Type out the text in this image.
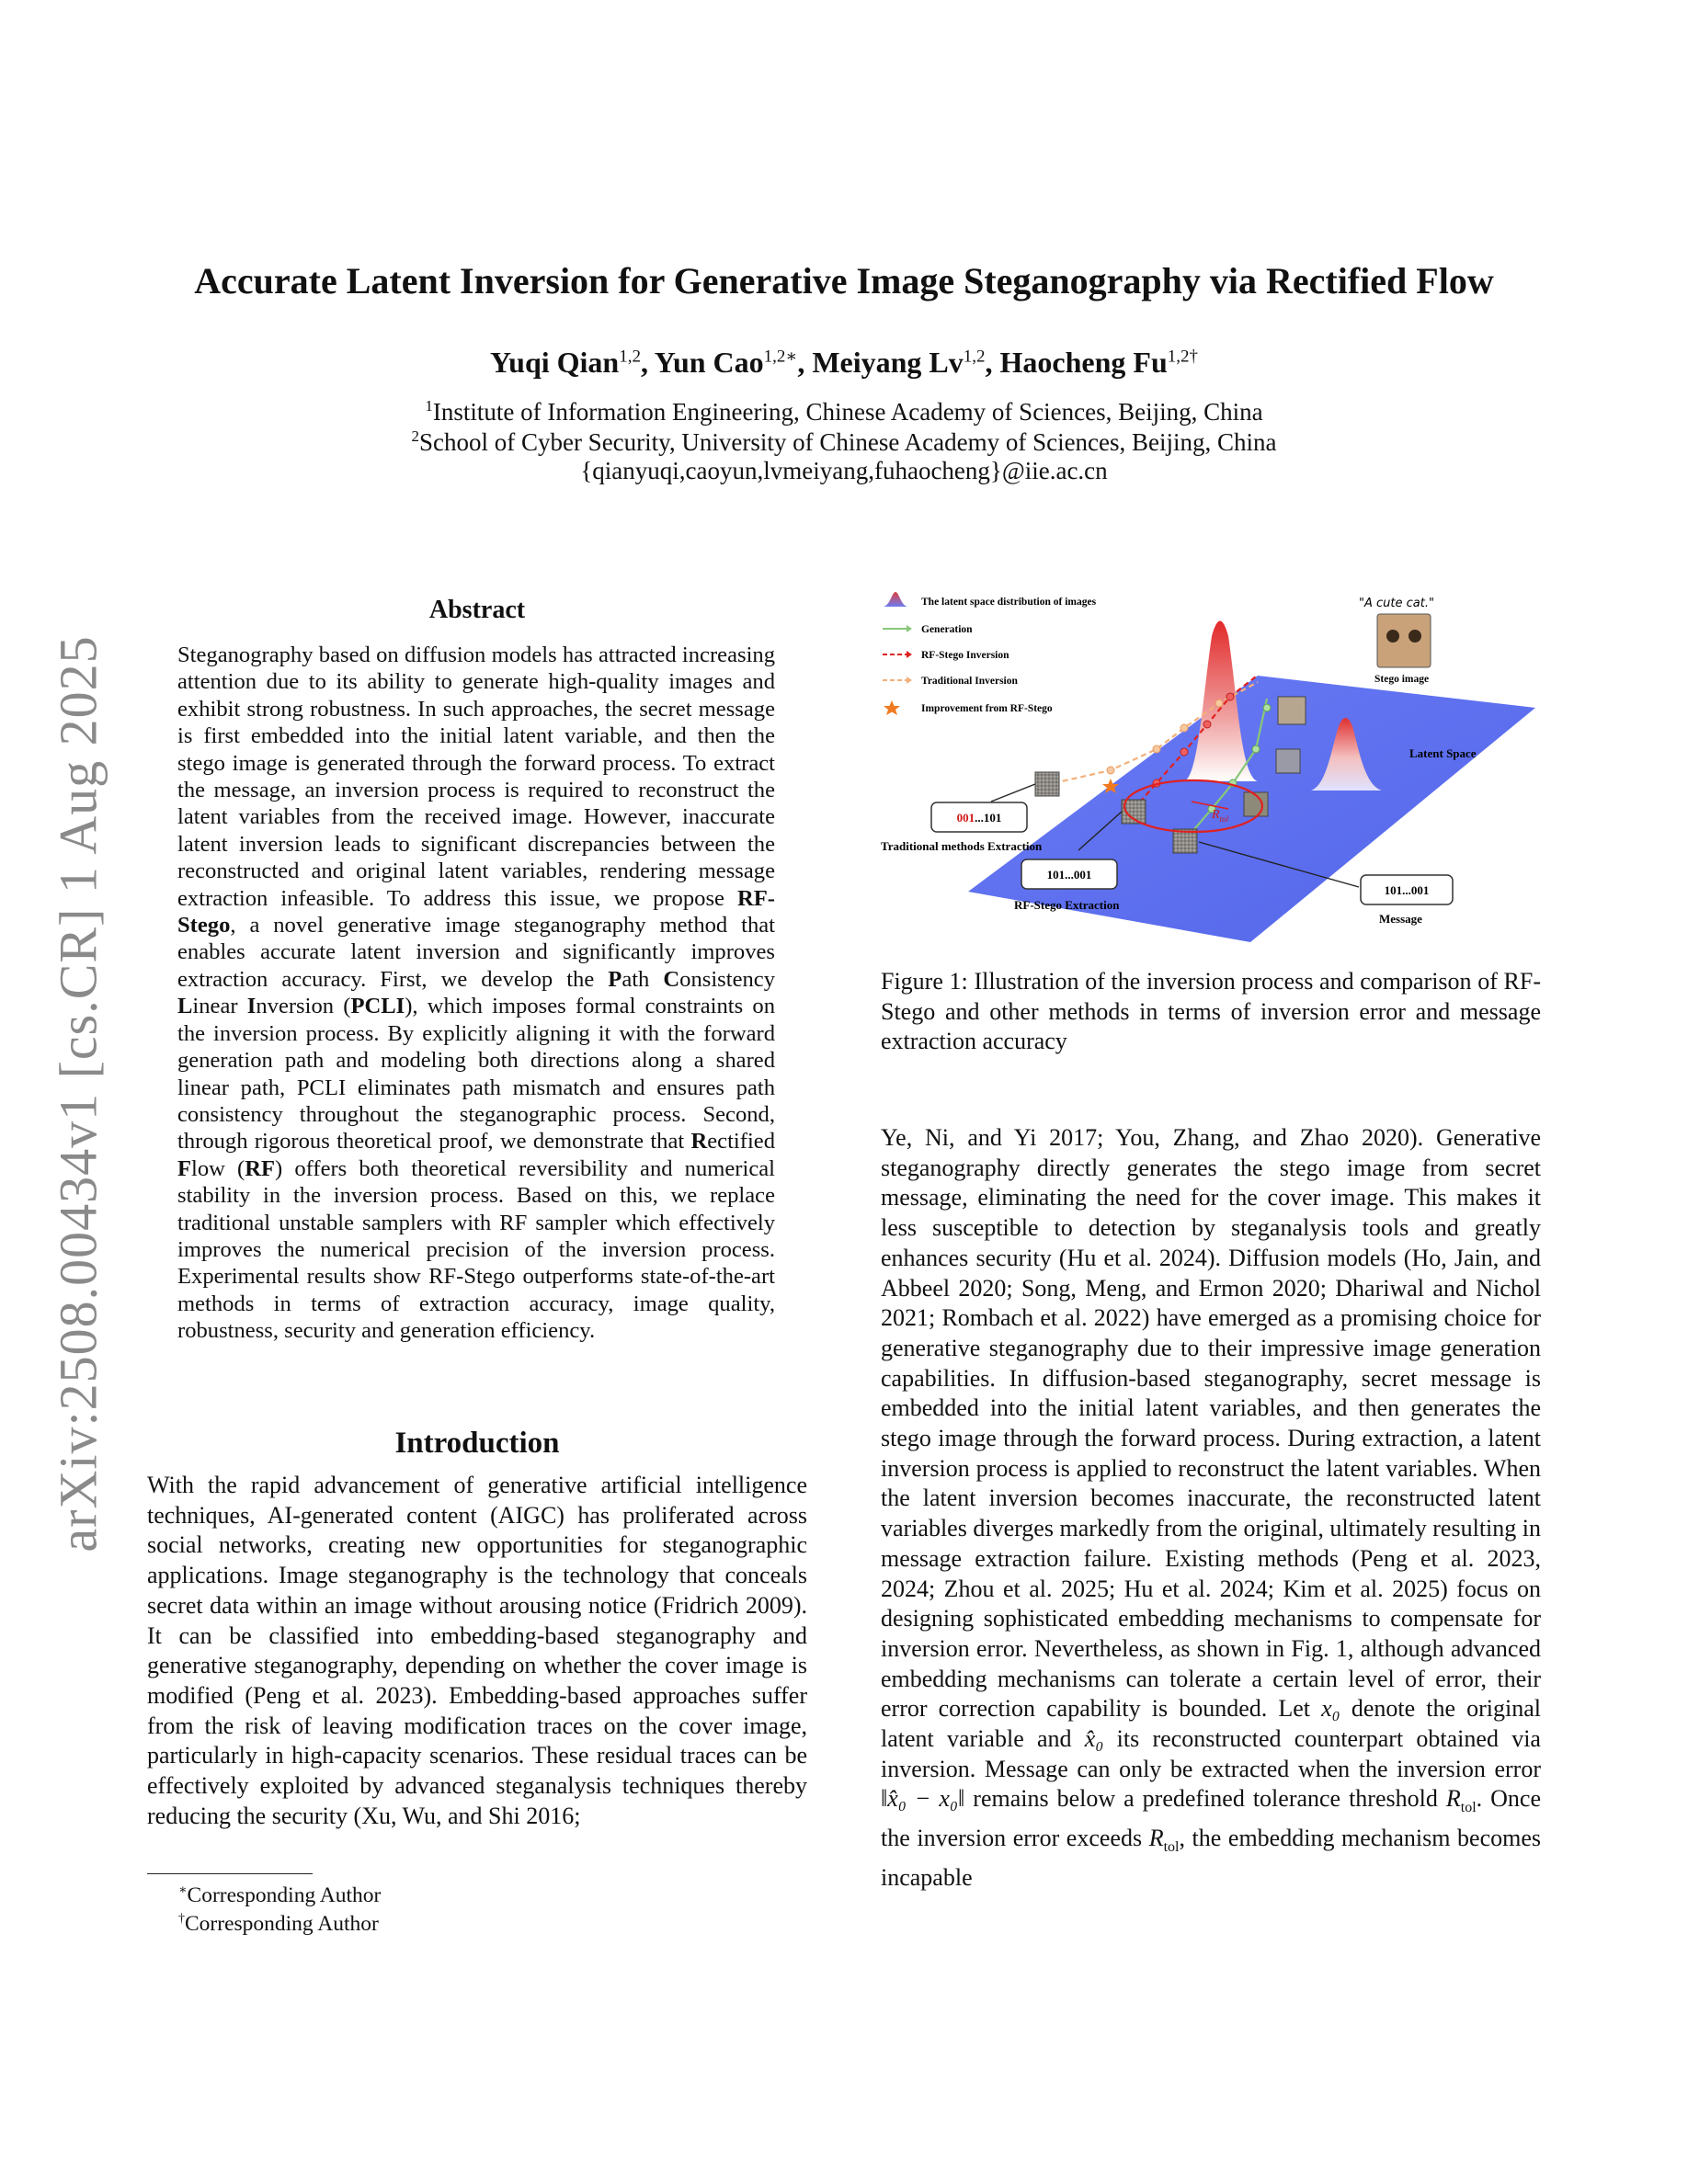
arXiv:2508.00434v1 [cs.CR] 1 Aug 2025
Accurate Latent Inversion for Generative Image Steganography via Rectified Flow
Yuqi Qian$^{1,2}$, Yun Cao$^{1,2∗}$, Meiyang Lv$^{1,2}$, Haocheng $Fu^{1,2\dagger}$
$^1$Institute of Information Engineering, Chinese Academy of Sciences, Beijing, China
$^2$School of Cyber Security, University of Chinese Academy of Sciences, Beijing, China
{qianyuqi,caoyun,lvmeiyang,fuhaocheng}@iie.ac.cn
Abstract

Steganography based on diffusion models has attracted increasing attention due to its ability to generate high-quality images and exhibit strong robustness. In such approaches, the secret message is first embedded into the initial latent variable, and then the stego image is generated through the forward process. To extract the message, an inversion process is required to reconstruct the latent variables from the received image. However, inaccurate latent inversion leads to significant discrepancies between the reconstructed and original latent variables, rendering message extraction infeasible. To address this issue, we propose RF-Stego, a novel generative image steganography method that enables accurate latent inversion and significantly improves extraction accuracy. First, we develop the Path Consistency Linear Inversion (PCLI), which imposes formal constraints on the inversion process. By explicitly aligning it with the forward generation path and modeling both directions along a shared linear path, PCLI eliminates path mismatch and ensures path consistency throughout the steganographic process. Second, through rigorous theoretical proof, we demonstrate that Rectified Flow (RF) offers both theoretical reversibility and numerical stability in the inversion process. Based on this, we replace traditional unstable samplers with RF sampler which effectively improves the numerical precision of the inversion process. Experimental results show RF-Stego outperforms state-of-the-art methods in terms of extraction accuracy, image quality, robustness, security and generation efficiency.

Introduction

With the rapid advancement of generative artificial intelligence techniques, AI-generated content (AIGC) has proliferated across social networks, creating new opportunities for steganographic applications. Image steganography is the technology that conceals secret data within an image without arousing notice (Fridrich 2009). It can be classified into embedding-based steganography and generative steganography, depending on whether the cover image is modified (Peng et al. 2023). Embedding-based approaches suffer from the risk of leaving modification traces on the cover image, particularly in high-capacity scenarios. These residual traces can be effectively exploited by advanced steganalysis techniques thereby reducing the security (Xu, Wu, and Shi 2016;

∗Corresponding Author
†Corresponding Author
The latent space distribution of images
Generation
RF-Stego Inversion
Traditional Inversion
Improvement from RF-Stego
"A cute cat."
Stego image
Latent Space
$R_{tol}$
001...101
Traditional methods Extraction
101...001
RF-Stego Extraction
101...001
Message
Figure 1: Illustration of the inversion process and comparison of RF-Stego and other methods in terms of inversion error and message extraction accuracy

Ye, Ni, and Yi 2017; You, Zhang, and Zhao 2020). Generative steganography directly generates the stego image from secret message, eliminating the need for the cover image. This makes it less susceptible to detection by steganalysis tools and greatly enhances security (Hu et al. 2024). Diffusion models (Ho, Jain, and Abbeel 2020; Song, Meng, and Ermon 2020; Dhariwal and Nichol 2021; Rombach et al. 2022) have emerged as a promising choice for generative steganography due to their impressive image generation capabilities. In diffusion-based steganography, secret message is embedded into the initial latent variables, and then generates the stego image through the forward process. During extraction, a latent inversion process is applied to reconstruct the latent variables. When the latent inversion becomes inaccurate, the reconstructed latent variables diverges markedly from the original, ultimately resulting in message extraction failure. Existing methods (Peng et al. 2023, 2024; Zhou et al. 2025; Hu et al. 2024; Kim et al. 2025) focus on designing sophisticated embedding mechanisms to compensate for inversion error. Nevertheless, as shown in Fig. 1, although advanced embedding mechanisms can tolerate a certain level of error, their error correction capability is bounded. Let x₀ denote the original latent variable and x̂₀ its reconstructed counterpart obtained via inversion. Message can only be extracted when the inversion error ‖x̂₀ − x₀‖ remains below a predefined tolerance threshold $R_{tol}$. Once the inversion error exceeds $R_{tol}$, the embedding mechanism becomes incapable
